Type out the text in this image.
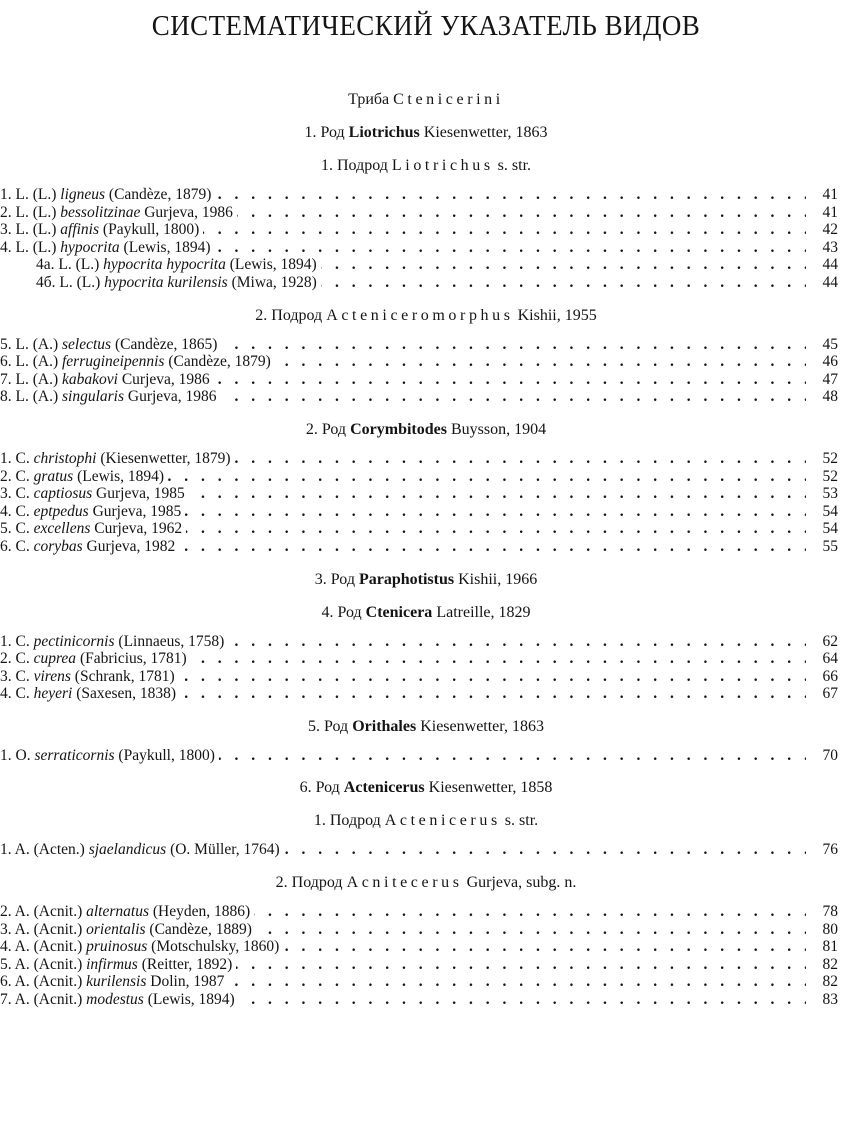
СИСТЕМАТИЧЕСКИЙ УКАЗАТЕЛЬ ВИДОВ
Триба Ctenicerini
1. Род Liotrichus Kiesenwetter, 1863
1. Подрод Liotrichus s. str.
1. L. (L.) ligneus (Candèze, 1879) . . .	41
2. L. (L.) bessolitzinae Gurjeva, 1986 . . .	41
3. L. (L.) affinis (Paykull, 1800) . . .	42
4. L. (L.) hypocrita (Lewis, 1894) . . .	43
4а. L. (L.) hypocrita hypocrita (Lewis, 1894) . . .	44
4б. L. (L.) hypocrita kurilensis (Miwa, 1928) . . .	44
2. Подрод Acteniceromorphus Kishii, 1955
5. L. (A.) selectus (Candèze, 1865) . . .	45
6. L. (A.) ferrugineipennis (Candèze, 1879) . . .	46
7. L. (A.) kabakovi Curjeva, 1986 . . .	47
8. L. (A.) singularis Gurjeva, 1986 . . .	48
2. Род Corymbitodes Buysson, 1904
1. C. christophi (Kiesenwetter, 1879) . . .	52
2. C. gratus (Lewis, 1894) . . .	52
3. C. captiosus Gurjeva, 1985 . . .	53
4. C. eptpedus Gurjeva, 1985 . . .	54
5. C. excellens Curjeva, 1962 . . .	54
6. C. corybas Gurjeva, 1982 . . .	55
3. Род Paraphotistus Kishii, 1966
4. Род Ctenicera Latreille, 1829
1. C. pectinicornis (Linnaeus, 1758) . . .	62
2. C. cuprea (Fabricius, 1781) . . .	64
3. C. virens (Schrank, 1781) . . .	66
4. C. heyeri (Saxesen, 1838) . . .	67
5. Род Orithales Kiesenwetter, 1863
1. O. serraticornis (Paykull, 1800) . . .	70
6. Род Actenicerus Kiesenwetter, 1858
1. Подрод Actenicerus s. str.
1. A. (Acten.) sjaelandicus (O. Müller, 1764) . . .	76
2. Подрод Acnitecerus Gurjeva, subg. n.
2. A. (Acnit.) alternatus (Heyden, 1886) . . .	78
3. A. (Acnit.) orientalis (Candèze, 1889) . . .	80
4. A. (Acnit.) pruinosus (Motschulsky, 1860) . . .	81
5. A. (Acnit.) infirmus (Reitter, 1892) . . .	82
6. A. (Acnit.) kurilensis Dolin, 1987 . . .	82
7. A. (Acnit.) modestus (Lewis, 1894) . . .	83
